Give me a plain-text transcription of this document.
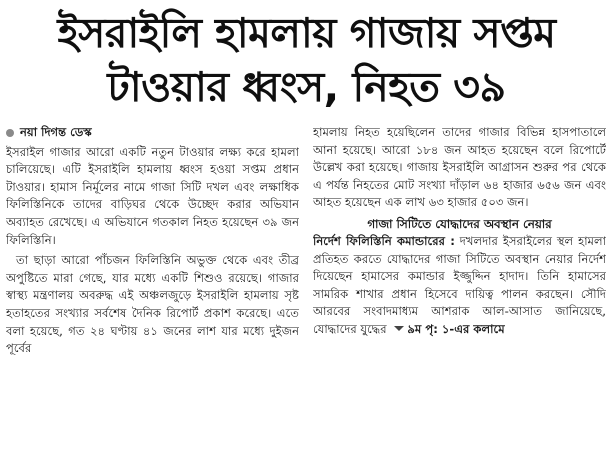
ইসরাইলি হামলায় গাজায় সপ্তম
টাওয়ার ধ্বংস, নিহত ৩৯
নয়া দিগন্ত ডেস্ক

ইসরাইল গাজার আরো একটি নতুন টাওয়ার লক্ষ্য করে হামলা চালিয়েছে। এটি ইসরাইলি হামলায় ধ্বংস হওয়া সপ্তম প্রধান টাওয়ার। হামাস নির্মূলের নামে গাজা সিটি দখল এবং লক্ষাধিক ফিলিস্তিনিকে তাদের বাড়িঘর থেকে উচ্ছেদ করার অভিযান অব্যাহত রেখেছে। এ অভিযানে গতকাল নিহত হয়েছেন ৩৯ জন ফিলিস্তিনি।

তা ছাড়া আরো পাঁচজন ফিলিস্তিনি অভুক্ত থেকে এবং তীব্র অপুষ্টিতে মারা গেছে, যার মধ্যে একটি শিশুও রয়েছে। গাজার স্বাস্থ্য মন্ত্রণালয় অবরুদ্ধ এই অঞ্চলজুড়ে ইসরাইলি হামলায় সৃষ্ট হতাহতের সংখ্যার সর্বশেষ দৈনিক রিপোর্ট প্রকাশ করেছে। এতে বলা হয়েছে, গত ২৪ ঘণ্টায় ৪১ জনের লাশ যার মধ্যে দুইজন পূর্বের

হামলায় নিহত হয়েছিলেন তাদের গাজার বিভিন্ন হাসপাতালে আনা হয়েছে। আরো ১৮৪ জন আহত হয়েছেন বলে রিপোর্টে উল্লেখ করা হয়েছে। গাজায় ইসরাইলি আগ্রাসন শুরুর পর থেকে এ পর্যন্ত নিহতের মোট সংখ্যা দাঁড়াল ৬৪ হাজার ৬৫৬ জন এবং আহত হয়েছেন এক লাখ ৬৩ হাজার ৫০৩ জন।

গাজা সিটিতে যোদ্ধাদের অবস্থান নেয়ার

নির্দেশ ফিলিস্তিনি কমান্ডারের : দখলদার ইসরাইলের স্থল হামলা প্রতিহত করতে যোদ্ধাদের গাজা সিটিতে অবস্থান নেয়ার নির্দেশ দিয়েছেন হামাসের কমান্ডার ইজ্জুদ্দিন হাদাদ। তিনি হামাসের সামরিক শাখার প্রধান হিসেবে দায়িত্ব পালন করছেন। সৌদি আরবের সংবাদমাধ্যম আশরাক আল-আসাত জানিয়েছে, যোদ্ধাদের যুদ্ধের ৯ম পৃ: ১-এর কলামে
